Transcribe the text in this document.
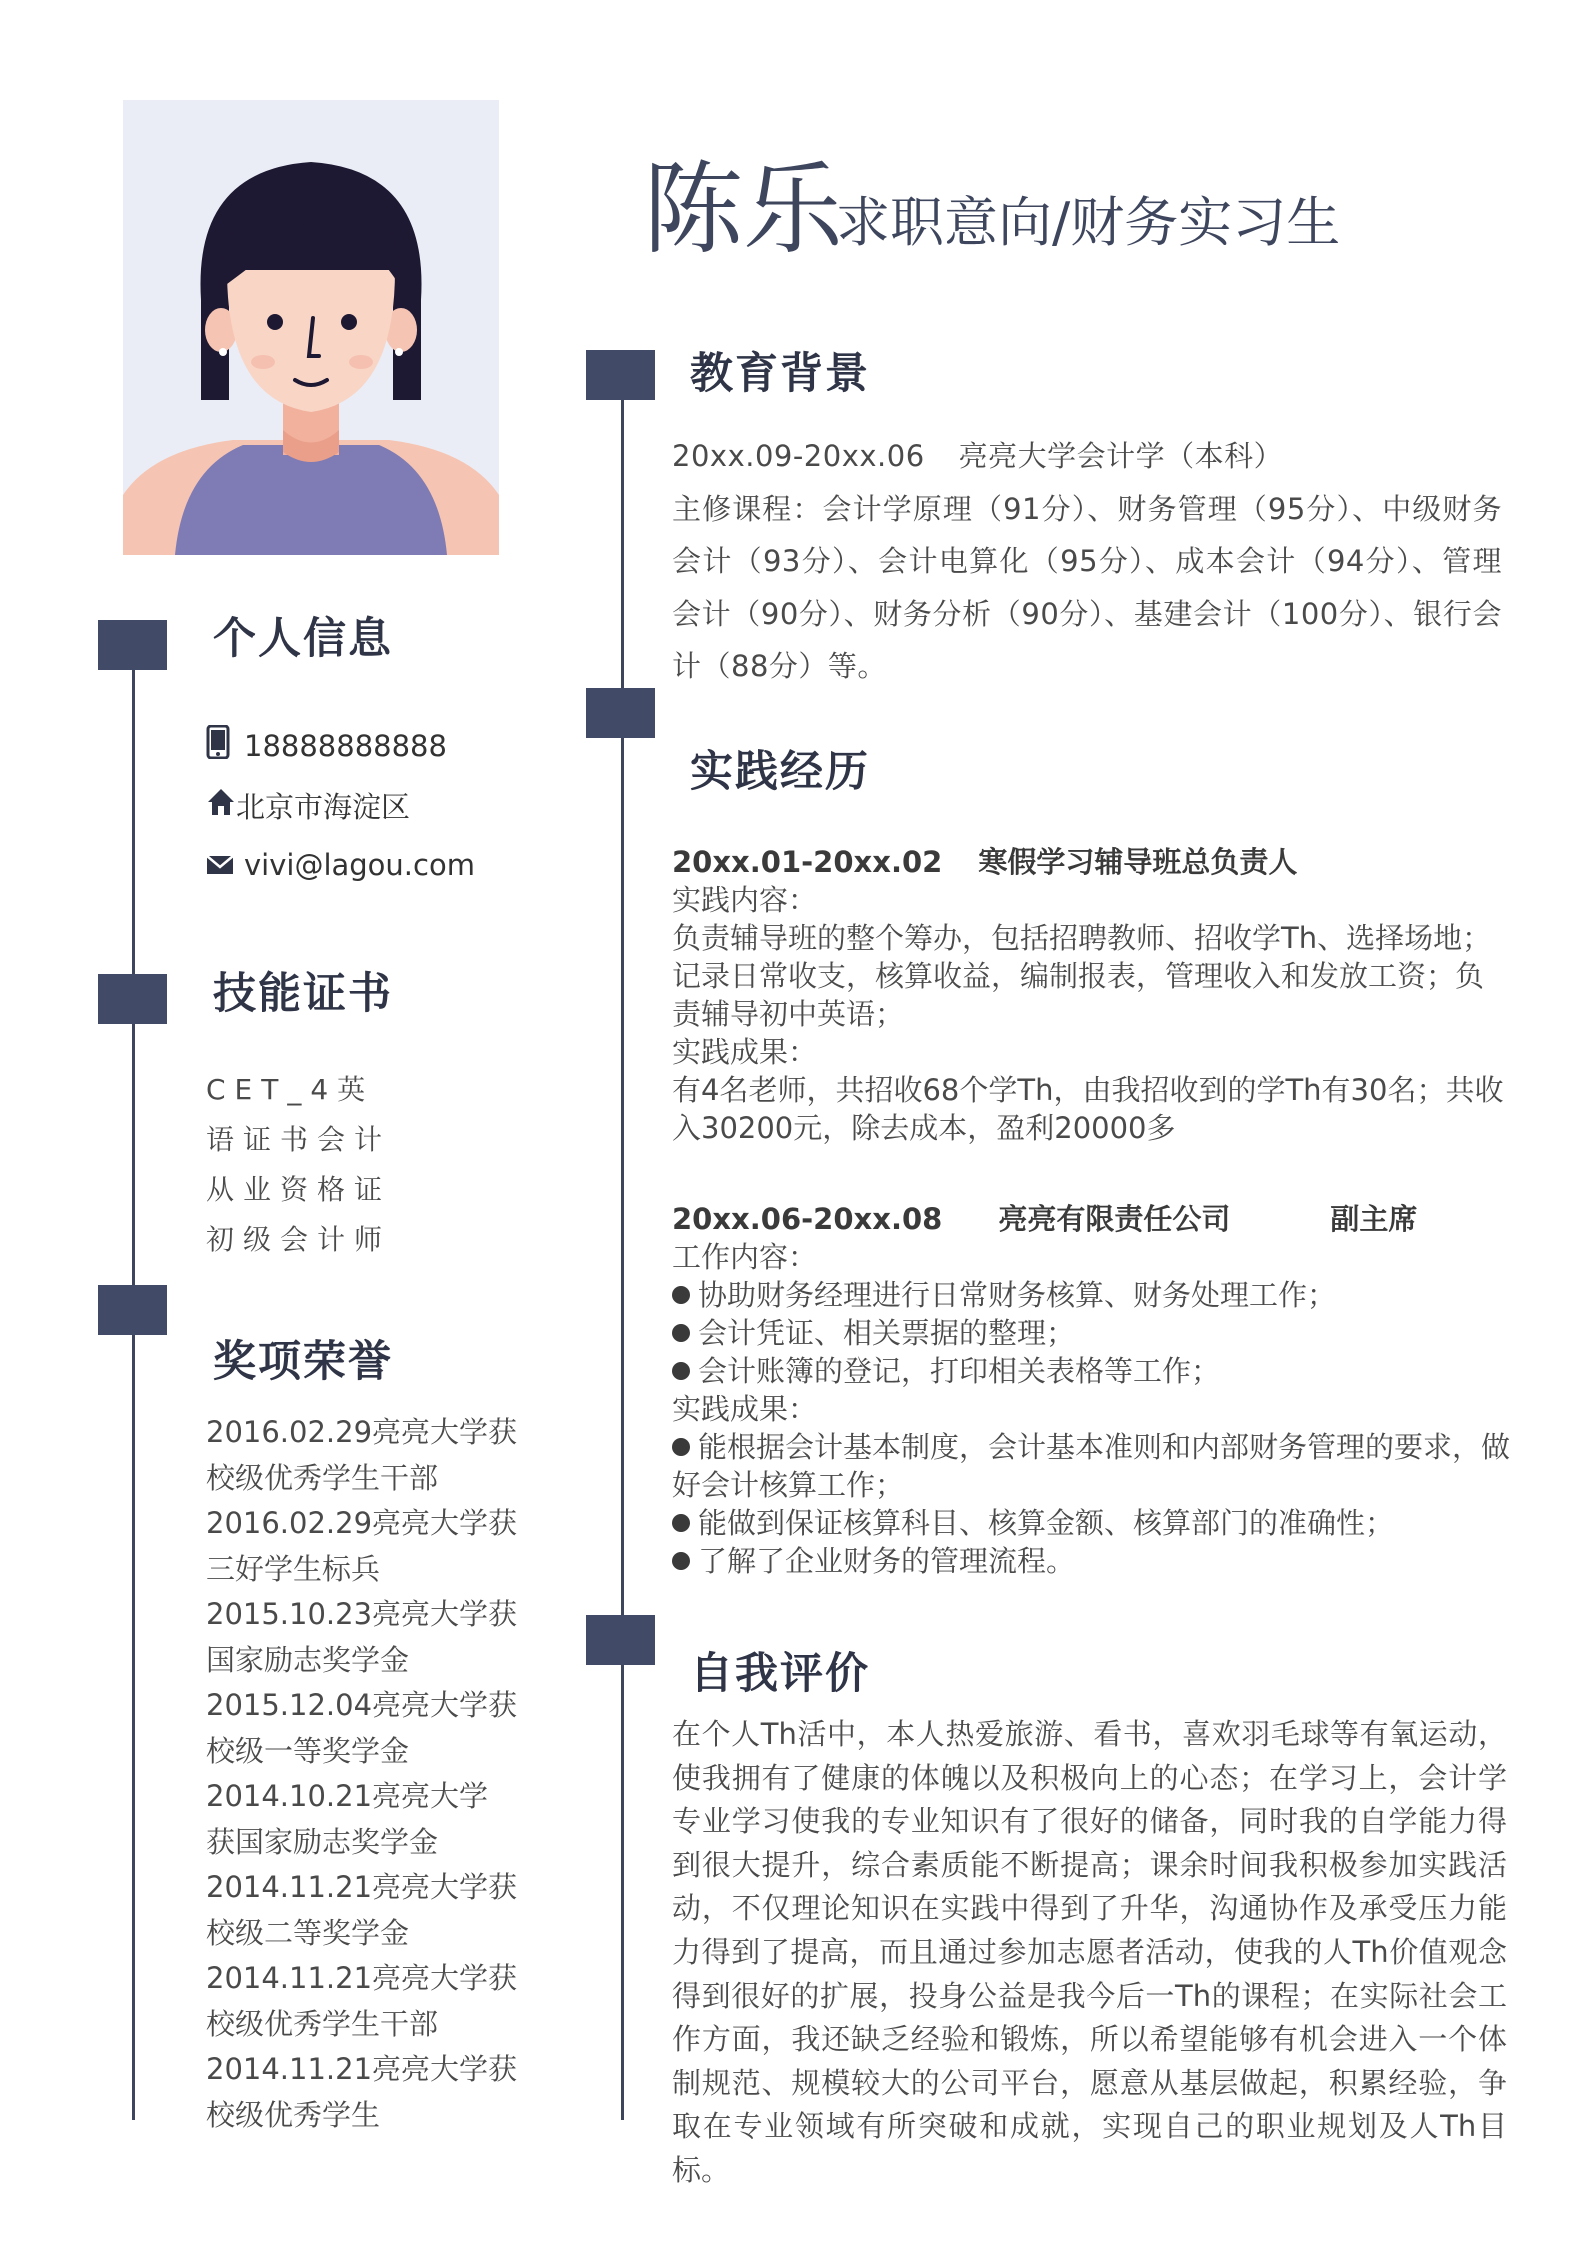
陈乐
求职意向/财务实习生
个人信息
18888888888
北京市海淀区
vivi@lagou.com
技能证书
CET_4英语证书会计从业资格证初级会计师
奖项荣誉
2016.02.29亮亮大学获
校级优秀学生干部
2016.02.29亮亮大学获
三好学生标兵
2015.10.23亮亮大学获
国家励志奖学金
2015.12.04亮亮大学获
校级一等奖学金
2014.10.21亮亮大学
获国家励志奖学金
2014.11.21亮亮大学获
校级二等奖学金
2014.11.21亮亮大学获
校级优秀学生干部
2014.11.21亮亮大学获
校级优秀学生
教育背景
20xx.09-20xx.06 亮亮大学会计学（本科）
主修课程：会计学原理（91分）、财务管理（95分）、中级财务会计（93分）、会计电算化（95分）、成本会计（94分）、管理会计（90分）、财务分析（90分）、基建会计（100分）、银行会计（88分）等。
实践经历
20xx.01-20xx.02 寒假学习辅导班总负责人
实践内容：
负责辅导班的整个筹办，包括招聘教师、招收学Th、选择场地；记录日常收支，核算收益，编制报表，管理收入和发放工资；负责辅导初中英语；
实践成果：
有4名老师，共招收68个学Th，由我招收到的学Th有30名；共收入30200元，除去成本，盈利20000多
20xx.06-20xx.08 亮亮有限责任公司	副主席
工作内容：
协助财务经理进行日常财务核算、财务处理工作；
会计凭证、相关票据的整理；
会计账簿的登记，打印相关表格等工作；
实践成果：
能根据会计基本制度，会计基本准则和内部财务管理的要求，做好会计核算工作；
能做到保证核算科目、核算金额、核算部门的准确性；
了解了企业财务的管理流程。
自我评价
在个人Th活中，本人热爱旅游、看书，喜欢羽毛球等有氧运动，使我拥有了健康的体魄以及积极向上的心态；在学习上，会计学专业学习使我的专业知识有了很好的储备，同时我的自学能力得到很大提升，综合素质能不断提高；课余时间我积极参加实践活动，不仅理论知识在实践中得到了升华，沟通协作及承受压力能力得到了提高，而且通过参加志愿者活动，使我的人Th价值观念得到很好的扩展，投身公益是我今后一Th的课程；在实际社会工作方面，我还缺乏经验和锻炼，所以希望能够有机会进入一个体制规范、规模较大的公司平台，愿意从基层做起，积累经验，争取在专业领域有所突破和成就，实现自己的职业规划及人Th目标。
